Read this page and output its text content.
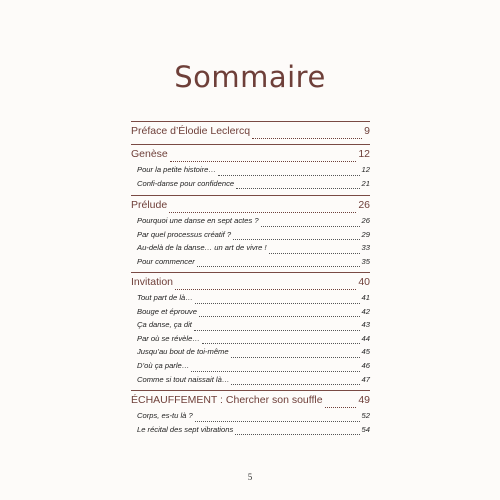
Sommaire
Préface d’Élodie Leclercq	9
Genèse	12
Pour la petite histoire…	12
Confi-danse pour confidence	21
Prélude	26
Pourquoi une danse en sept actes ?	26
Par quel processus créatif ?	29
Au-delà de la danse… un art de vivre !	33
Pour commencer	35
Invitation	40
Tout part de là…	41
Bouge et éprouve	42
Ça danse, ça dit	43
Par où se révèle…	44
Jusqu’au bout de toi-même	45
D’où ça parle…	46
Comme si tout naissait là…	47
ÉCHAUFFEMENT : Chercher son souffle	49
Corps, es-tu là ?	52
Le récital des sept vibrations	54
5
